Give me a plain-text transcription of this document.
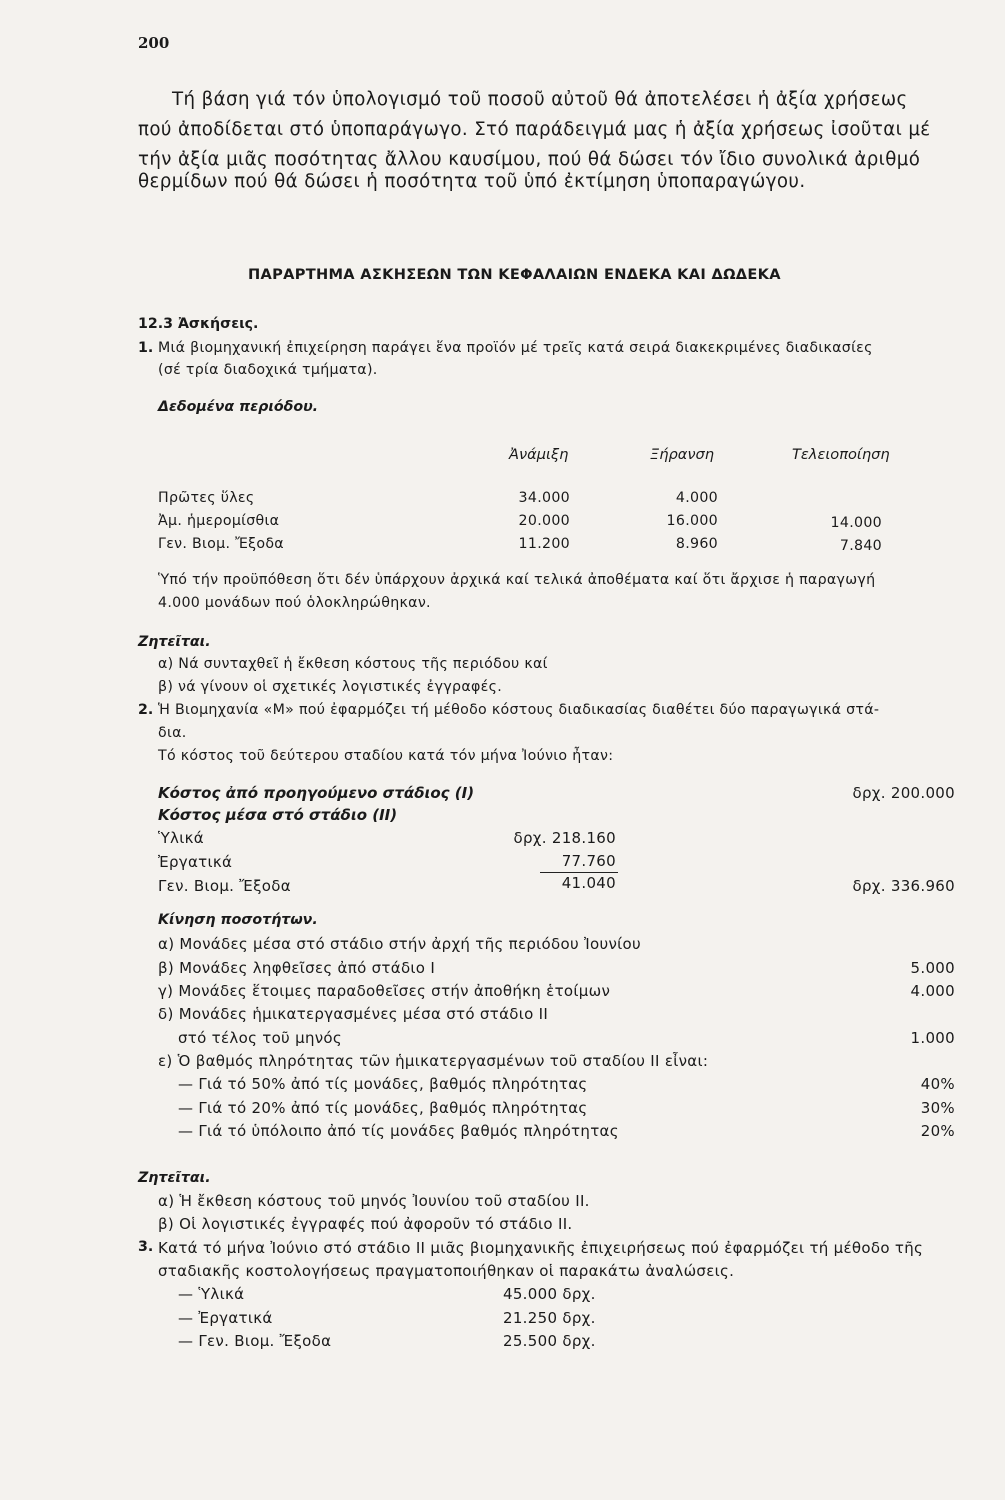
200
Τή βάση γιά τόν ὑπολογισμό τοῦ ποσοῦ αὐτοῦ θά ἀποτελέσει ἡ ἀξία χρήσεως
πού ἀποδίδεται στό ὑποπαράγωγο. Στό παράδειγμά μας ἡ ἀξία χρήσεως ἰσοῦται μέ
τήν ἀξία μιᾶς ποσότητας ἄλλου καυσίμου, πού θά δώσει τόν ἴδιο συνολικά ἀριθμό
θερμίδων πού θά δώσει ἡ ποσότητα τοῦ ὑπό ἐκτίμηση ὑποπαραγώγου.
ΠΑΡΑΡΤΗΜΑ ΑΣΚΗΣΕΩΝ ΤΩΝ ΚΕΦΑΛΑΙΩΝ ΕΝΔΕΚΑ ΚΑΙ ΔΩΔΕΚΑ
12.3 Ἀσκήσεις.
1. Μιά βιομηχανική ἐπιχείρηση παράγει ἕνα προϊόν μέ τρεῖς κατά σειρά διακεκριμένες διαδικασίες
(σέ τρία διαδοχικά τμήματα).
Δεδομένα περιόδου.
Ἀνάμιξη	Ξήρανση	Τελειοποίηση
Πρῶτες ὕλες	34.000	4.000
Ἀμ. ἡμερομίσθια	20.000	16.000	14.000
Γεν. Βιομ. Ἔξοδα	11.200	8.960	7.840
Ὑπό τήν προϋπόθεση ὅτι δέν ὑπάρχουν ἀρχικά καί τελικά ἀποθέματα καί ὅτι ἄρχισε ἡ παραγωγή
4.000 μονάδων πού ὁλοκληρώθηκαν.
Ζητεῖται.
α) Νά συνταχθεῖ ἡ ἔκθεση κόστους τῆς περιόδου καί
β) νά γίνουν οἱ σχετικές λογιστικές ἐγγραφές.
2. Ἡ Βιομηχανία «Μ» πού ἐφαρμόζει τή μέθοδο κόστους διαδικασίας διαθέτει δύο παραγωγικά στά-
δια.
Τό κόστος τοῦ δεύτερου σταδίου κατά τόν μήνα Ἰούνιο ἦταν:
Κόστος ἀπό προηγούμενο στάδιος (I)	δρχ. 200.000
Κόστος μέσα στό στάδιο (II)
Ὑλικά	δρχ. 218.160
Ἐργατικά	77.760
Γεν. Βιομ. Ἔξοδα	41.040	δρχ. 336.960
Κίνηση ποσοτήτων.
α) Μονάδες μέσα στό στάδιο στήν ἀρχή τῆς περιόδου Ἰουνίου
β) Μονάδες ληφθεῖσες ἀπό στάδιο I	5.000
γ) Μονάδες ἕτοιμες παραδοθεῖσες στήν ἀποθήκη ἑτοίμων	4.000
δ) Μονάδες ἡμικατεργασμένες μέσα στό στάδιο II
στό τέλος τοῦ μηνός	1.000
ε) Ὁ βαθμός πληρότητας τῶν ἡμικατεργασμένων τοῦ σταδίου II εἶναι:
— Γιά τό 50% ἀπό τίς μονάδες, βαθμός πληρότητας	40%
— Γιά τό 20% ἀπό τίς μονάδες, βαθμός πληρότητας	30%
— Γιά τό ὑπόλοιπο ἀπό τίς μονάδες βαθμός πληρότητας	20%
Ζητεῖται.
α) Ἡ ἔκθεση κόστους τοῦ μηνός Ἰουνίου τοῦ σταδίου II.
β) Οἱ λογιστικές ἐγγραφές πού ἀφοροῦν τό στάδιο II.
3. Κατά τό μήνα Ἰούνιο στό στάδιο II μιᾶς βιομηχανικῆς ἐπιχειρήσεως πού ἐφαρμόζει τή μέθοδο τῆς
σταδιακῆς κοστολογήσεως πραγματοποιήθηκαν οἱ παρακάτω ἀναλώσεις.
— Ὑλικά	45.000 δρχ.
— Ἐργατικά	21.250 δρχ.
— Γεν. Βιομ. Ἔξοδα	25.500 δρχ.
